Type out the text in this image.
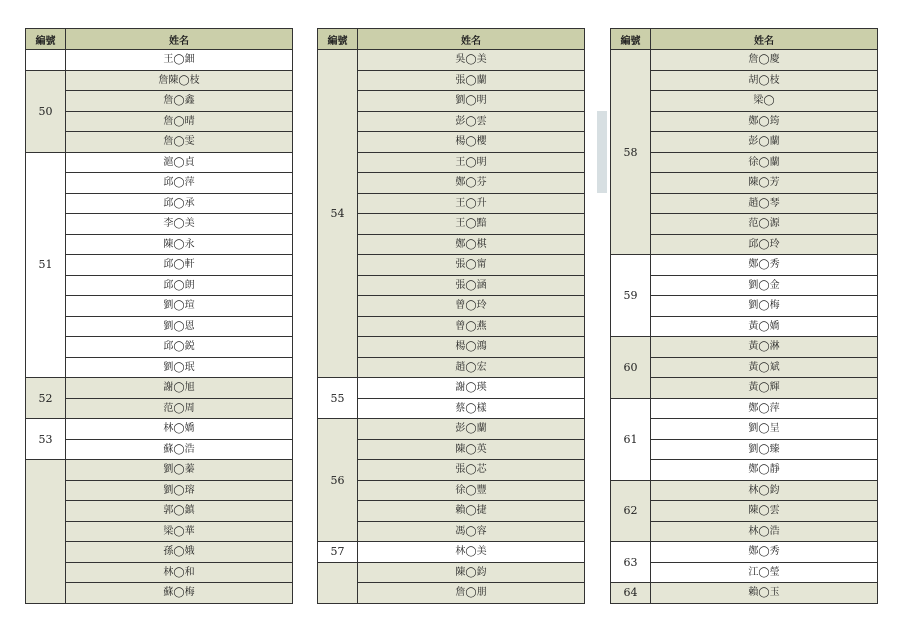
編號	姓名
	王◯鈿
50	詹陳◯枝
	詹◯鑫
	詹◯晴
	詹◯雯
51	滬◯貞
	邱◯萍
	邱◯承
	李◯美
	陳◯永
	邱◯軒
	邱◯朗
	劉◯瑄
	劉◯恩
	邱◯鋭
	劉◯珉
52	謝◯旭
	范◯周
53	林◯嬌
	蘇◯浩
	劉◯蓁
	劉◯瑢
	郭◯鎮
	梁◯華
	孫◯娥
	林◯和
	蘇◯梅
編號	姓名
54	吳◯美
	張◯蘭
	劉◯明
	彭◯雲
	楊◯櫻
	王◯明
	鄭◯芬
	王◯升
	王◯黯
	鄭◯棋
	張◯甯
	張◯涵
	曾◯玲
	曾◯燕
	楊◯鴻
	趙◯宏
55	謝◯瑛
	蔡◯樣
56	彭◯蘭
	陳◯英
	張◯芯
	徐◯豐
	賴◯捷
	馮◯容
57	林◯美
	陳◯鈞
	詹◯朋
編號	姓名
58	詹◯慶
	胡◯枝
	梁◯
	鄭◯筠
	彭◯蘭
	徐◯蘭
	陳◯芳
	趙◯琴
	范◯源
	邱◯玲
59	鄭◯秀
	劉◯金
	劉◯梅
	黃◯嬌
60	黃◯淋
	黃◯斌
	黃◯輝
61	鄭◯萍
	劉◯呈
	劉◯臻
	鄭◯靜
62	林◯鈞
	陳◯雲
	林◯浩
63	鄭◯秀
	江◯瑩
64	賴◯玉
